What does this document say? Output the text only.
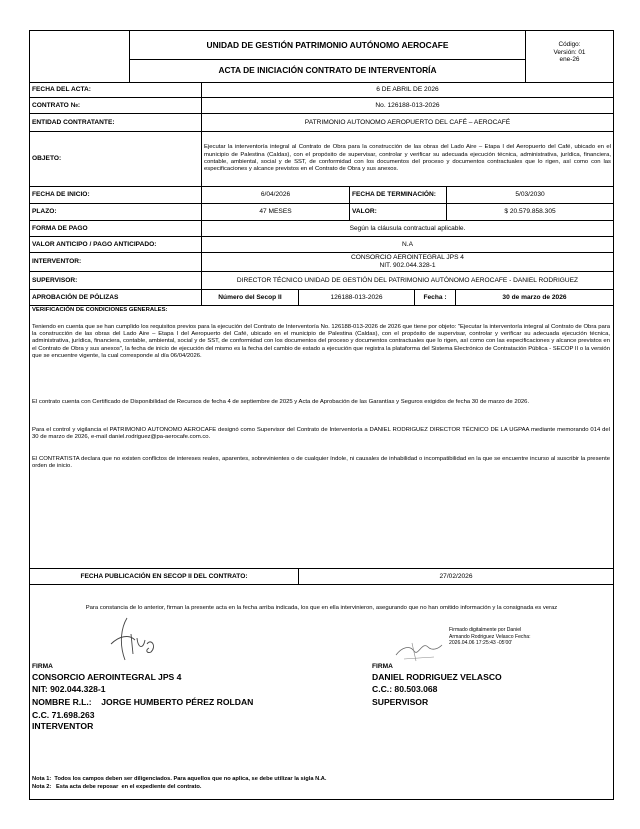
UNIDAD DE GESTIÓN PATRIMONIO AUTÓNOMO AEROCAFE
ACTA DE INICIACIÓN CONTRATO DE INTERVENTORÍA
Código:
Versión: 01
ene-26
FECHA DEL ACTA:	6 DE ABRIL DE 2026
CONTRATO №:	No. 126188-013-2026
ENTIDAD CONTRATANTE:	PATRIMONIO AUTONOMO AEROPUERTO DEL CAFÉ – AEROCAFÉ
OBJETO:
Ejecutar la interventoría integral al Contrato de Obra para la construcción de las obras del Lado Aire – Etapa I del Aeropuerto del Café, ubicado en el municipio de Palestina (Caldas), con el propósito de supervisar, controlar y verificar su adecuada ejecución técnica, administrativa, jurídica, financiera, contable, ambiental, social y de SST, de conformidad con los documentos del proceso y documentos contractuales que lo rigen, así como con las especificaciones y alcance previstos en el Contrato de Obra y sus anexos.
FECHA DE INICIO:	6/04/2026	FECHA DE TERMINACIÓN:	5/03/2030
PLAZO:	47 MESES	VALOR:	$ 20.579.858.305
FORMA DE PAGO	Según la cláusula contractual aplicable.
VALOR ANTICIPO / PAGO ANTICIPADO:	N.A
INTERVENTOR:
CONSORCIO AEROINTEGRAL JPS 4
NIT. 902.044.328-1
SUPERVISOR:	DIRECTOR TÉCNICO UNIDAD DE GESTIÓN DEL PATRIMONIO AUTÓNOMO AEROCAFE - DANIEL RODRIGUEZ
APROBACIÓN DE PÓLIZAS	Número del Secop II	126188-013-2026	Fecha :	30 de marzo de 2026
VERIFICACIÓN DE CONDICIONES GENERALES:
Teniendo en cuenta que se han cumplido los requisitos previos para la ejecución del Contrato de Interventoría No. 126188-013-2026 de 2026 que tiene por objeto: "Ejecutar la interventoría integral al Contrato de Obra para la construcción de las obras del Lado Aire – Etapa I del Aeropuerto del Café, ubicado en el municipio de Palestina (Caldas), con el propósito de supervisar, controlar y verificar su adecuada ejecución técnica, administrativa, jurídica, financiera, contable, ambiental, social y de SST, de conformidad con los documentos del proceso y documentos contractuales que lo rigen, así como con las especificaciones y alcance previstos en el Contrato de Obra y sus anexos", la fecha de inicio de ejecución del mismo es la fecha del cambio de estado a ejecución que registra la plataforma del Sistema Electrónico de Contratación Pública - SECOP II o la versión que se encuentre vigente, la cual corresponde al día 06/04/2026.
El contrato cuenta con Certificado de Disponibilidad de Recursos de fecha 4 de septiembre de 2025 y Acta de Aprobación de las Garantías y Seguros exigidos de fecha 30 de marzo de 2026.
Para el control y vigilancia el PATRIMONIO AUTONOMO AEROCAFE designó como Supervisor del Contrato de Interventoría a DANIEL RODRIGUEZ DIRECTOR TÉCNICO DE LA UGPAA mediante memorando 014 del 30 de marzo de 2026, e-mail daniel.rodriguez@pa-aerocafe.com.co.
El CONTRATISTA declara que no existen conflictos de intereses reales, aparentes, sobrevinientes o de cualquier índole, ni causales de inhabilidad o incompatibilidad en la que se encuentre incurso al suscribir la presente orden de inicio.
FECHA PUBLICACIÓN EN SECOP II DEL CONTRATO:	27/02/2026
Para constancia de lo anterior, firman la presente acta en la fecha arriba indicada, los que en ella intervinieron, asegurando que no han omitido información y la consignada es veraz
FIRMA
CONSORCIO AEROINTEGRAL JPS 4
NIT: 902.044.328-1
NOMBRE R.L.:    JORGE HUMBERTO PÉREZ ROLDAN
C.C. 71.698.263
INTERVENTOR
Firmado digitalmente por Daniel Armando Rodriguez Velasco Fecha: 2026.04.06 17:25:43 -05'00'
FIRMA
DANIEL RODRIGUEZ VELASCO
C.C.: 80.503.068
SUPERVISOR
Nota 1:  Todos los campos deben ser diligenciados. Para aquellos que no aplica, se debe utilizar la sigla N.A.
Nota 2:   Esta acta debe reposar  en el expediente del contrato.
